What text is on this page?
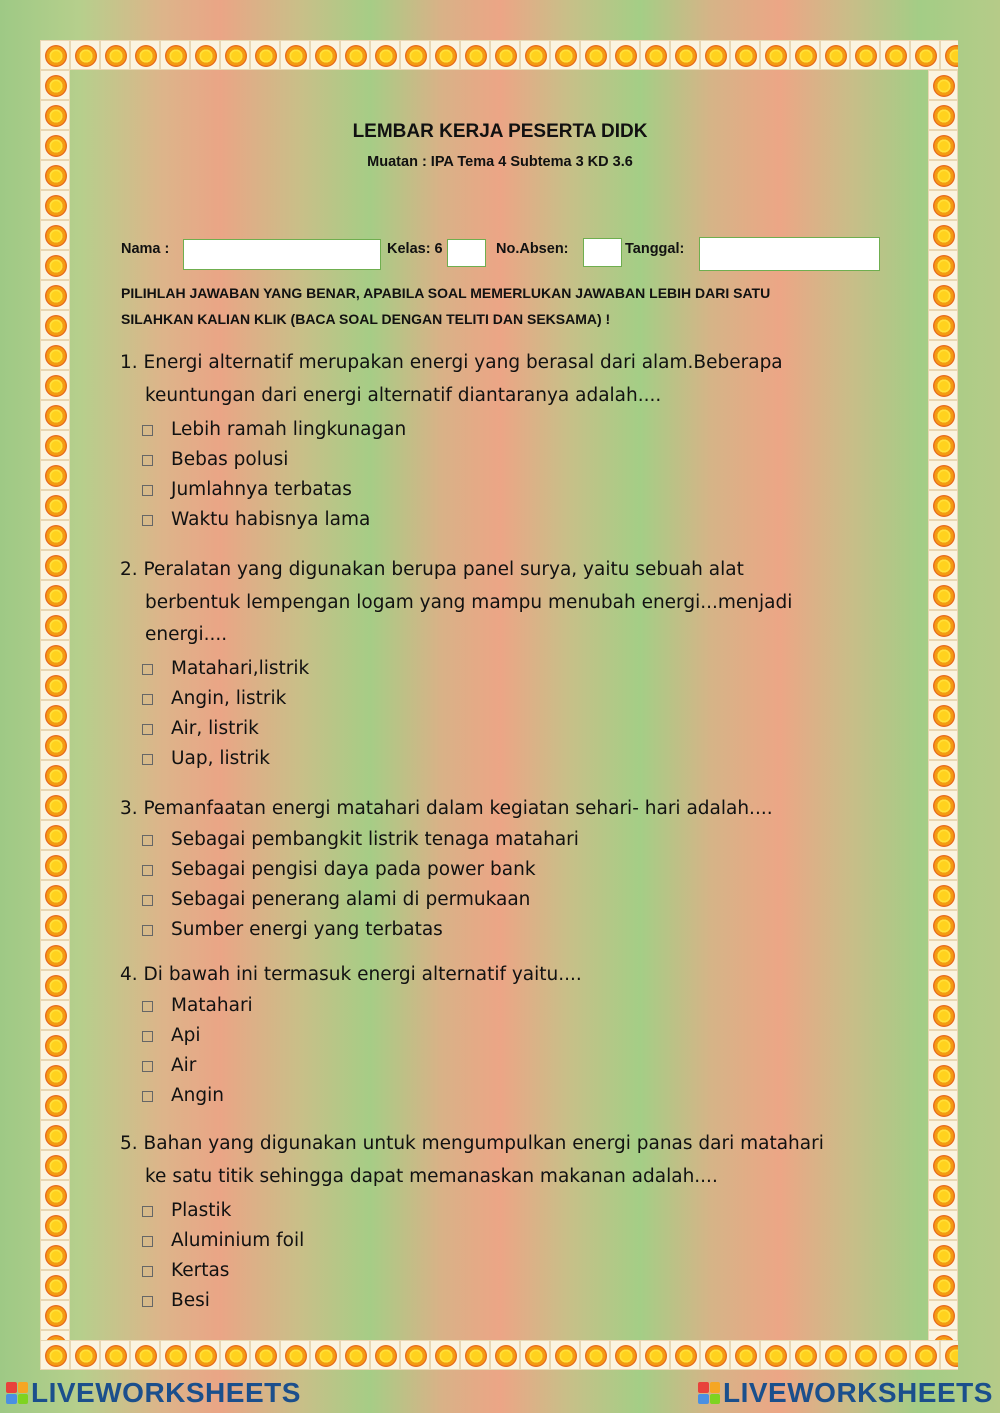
LEMBAR KERJA PESERTA DIDK
Muatan : IPA Tema 4 Subtema 3 KD 3.6
Nama :	Kelas: 6	No.Absen:	Tanggal:
PILIHLAH JAWABAN YANG BENAR, APABILA SOAL MEMERLUKAN JAWABAN LEBIH DARI SATU
SILAHKAN KALIAN KLIK (BACA SOAL DENGAN TELITI DAN SEKSAMA) !
1. Energi alternatif merupakan energi yang berasal dari alam.Beberapa keuntungan dari energi alternatif diantaranya adalah....
Lebih ramah lingkunagan
Bebas polusi
Jumlahnya terbatas
Waktu habisnya lama
2. Peralatan yang digunakan berupa panel surya, yaitu sebuah alat berbentuk lempengan logam yang mampu menubah energi...menjadi energi....
Matahari,listrik
Angin, listrik
Air, listrik
Uap, listrik
3. Pemanfaatan energi matahari dalam kegiatan sehari- hari adalah....
Sebagai pembangkit listrik tenaga matahari
Sebagai pengisi daya pada power bank
Sebagai penerang alami di permukaan
Sumber energi yang terbatas
4. Di bawah ini termasuk energi alternatif yaitu....
Matahari
Api
Air
Angin
5. Bahan yang digunakan untuk mengumpulkan energi panas dari matahari ke satu titik sehingga dapat memanaskan makanan adalah....
Plastik
Aluminium foil
Kertas
Besi
LIVEWORKSHEETS	LIVEWORKSHEETS
